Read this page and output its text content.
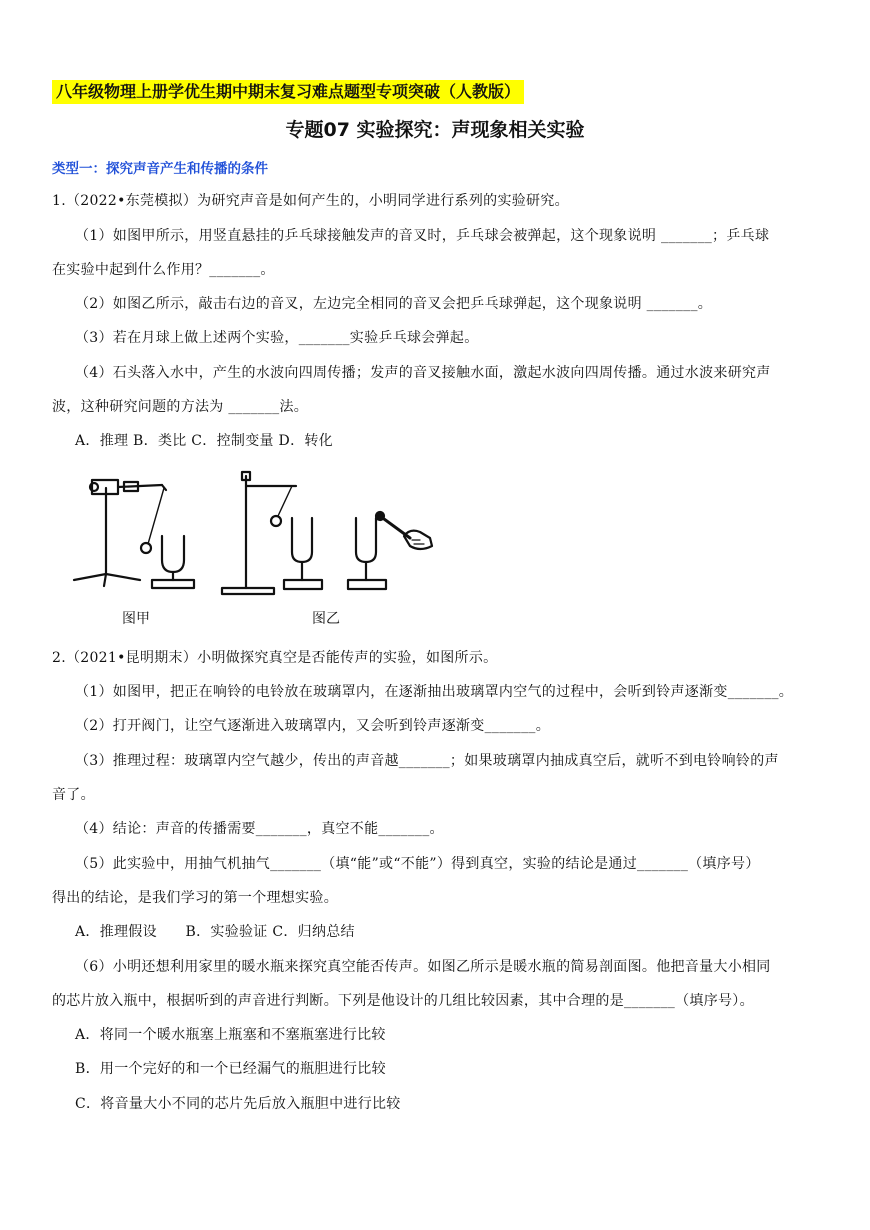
八年级物理上册学优生期中期末复习难点题型专项突破（人教版）
专题07 实验探究：声现象相关实验
类型一：探究声音产生和传播的条件
1.（2022•东莞模拟）为研究声音是如何产生的，小明同学进行系列的实验研究。
（1）如图甲所示，用竖直悬挂的乒乓球接触发声的音叉时，乒乓球会被弹起，这个现象说明 _______；乒乓球
在实验中起到什么作用？_______。
（2）如图乙所示，敲击右边的音叉，左边完全相同的音叉会把乒乓球弹起，这个现象说明 _______。
（3）若在月球上做上述两个实验，_______实验乒乓球会弹起。
（4）石头落入水中，产生的水波向四周传播；发声的音叉接触水面，激起水波向四周传播。通过水波来研究声
波，这种研究问题的方法为 _______法。
A．推理 B．类比 C．控制变量 D．转化
图甲	图乙
2.（2021•昆明期末）小明做探究真空是否能传声的实验，如图所示。
（1）如图甲，把正在响铃的电铃放在玻璃罩内，在逐渐抽出玻璃罩内空气的过程中，会听到铃声逐渐变_______。
（2）打开阀门，让空气逐渐进入玻璃罩内，又会听到铃声逐渐变_______。
（3）推理过程：玻璃罩内空气越少，传出的声音越_______；如果玻璃罩内抽成真空后，就听不到电铃响铃的声
音了。
（4）结论：声音的传播需要_______，真空不能_______。
（5）此实验中，用抽气机抽气_______（填“能”或“不能”）得到真空，实验的结论是通过_______（填序号）
得出的结论，是我们学习的第一个理想实验。
A．推理假设　　B．实验验证 C．归纳总结
（6）小明还想利用家里的暖水瓶来探究真空能否传声。如图乙所示是暖水瓶的简易剖面图。他把音量大小相同
的芯片放入瓶中，根据听到的声音进行判断。下列是他设计的几组比较因素，其中合理的是_______（填序号）。
A．将同一个暖水瓶塞上瓶塞和不塞瓶塞进行比较
B．用一个完好的和一个已经漏气的瓶胆进行比较
C．将音量大小不同的芯片先后放入瓶胆中进行比较
